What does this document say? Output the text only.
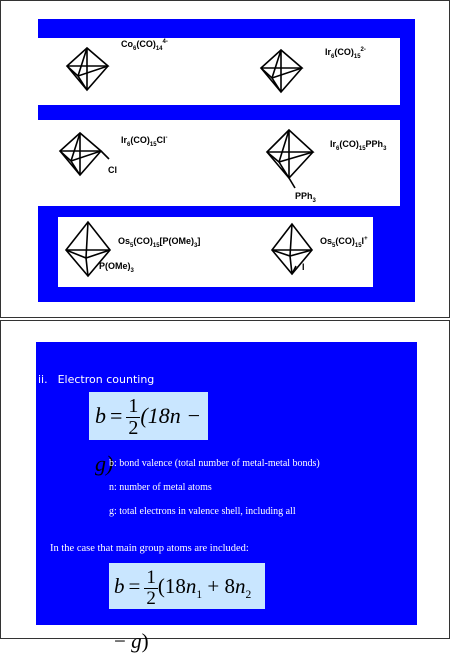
$Co_6(CO)_{14}^{4-}$
$Ir_6(CO)_{15}^{2-}$
Cl
$Ir_6(CO)_{15}Cl^-$
PPh$_3$
$Ir_6(CO)_{15}PPh_3$
$P(OMe)_3$
$Os_5(CO)_{15}[P(OMe)_3]$
I
$Os_5(CO)_{15}I^+$
ii. Electron counting
$b = \frac{1}{2} (18n - g)$
b: bond valence (total number of metal-metal bonds)
n: number of metal atoms
g: total electrons in valence shell, including all
In the case that main group atoms are included:
$b = \frac{1}{2} (18n_1 + 8n_2 - g)$
